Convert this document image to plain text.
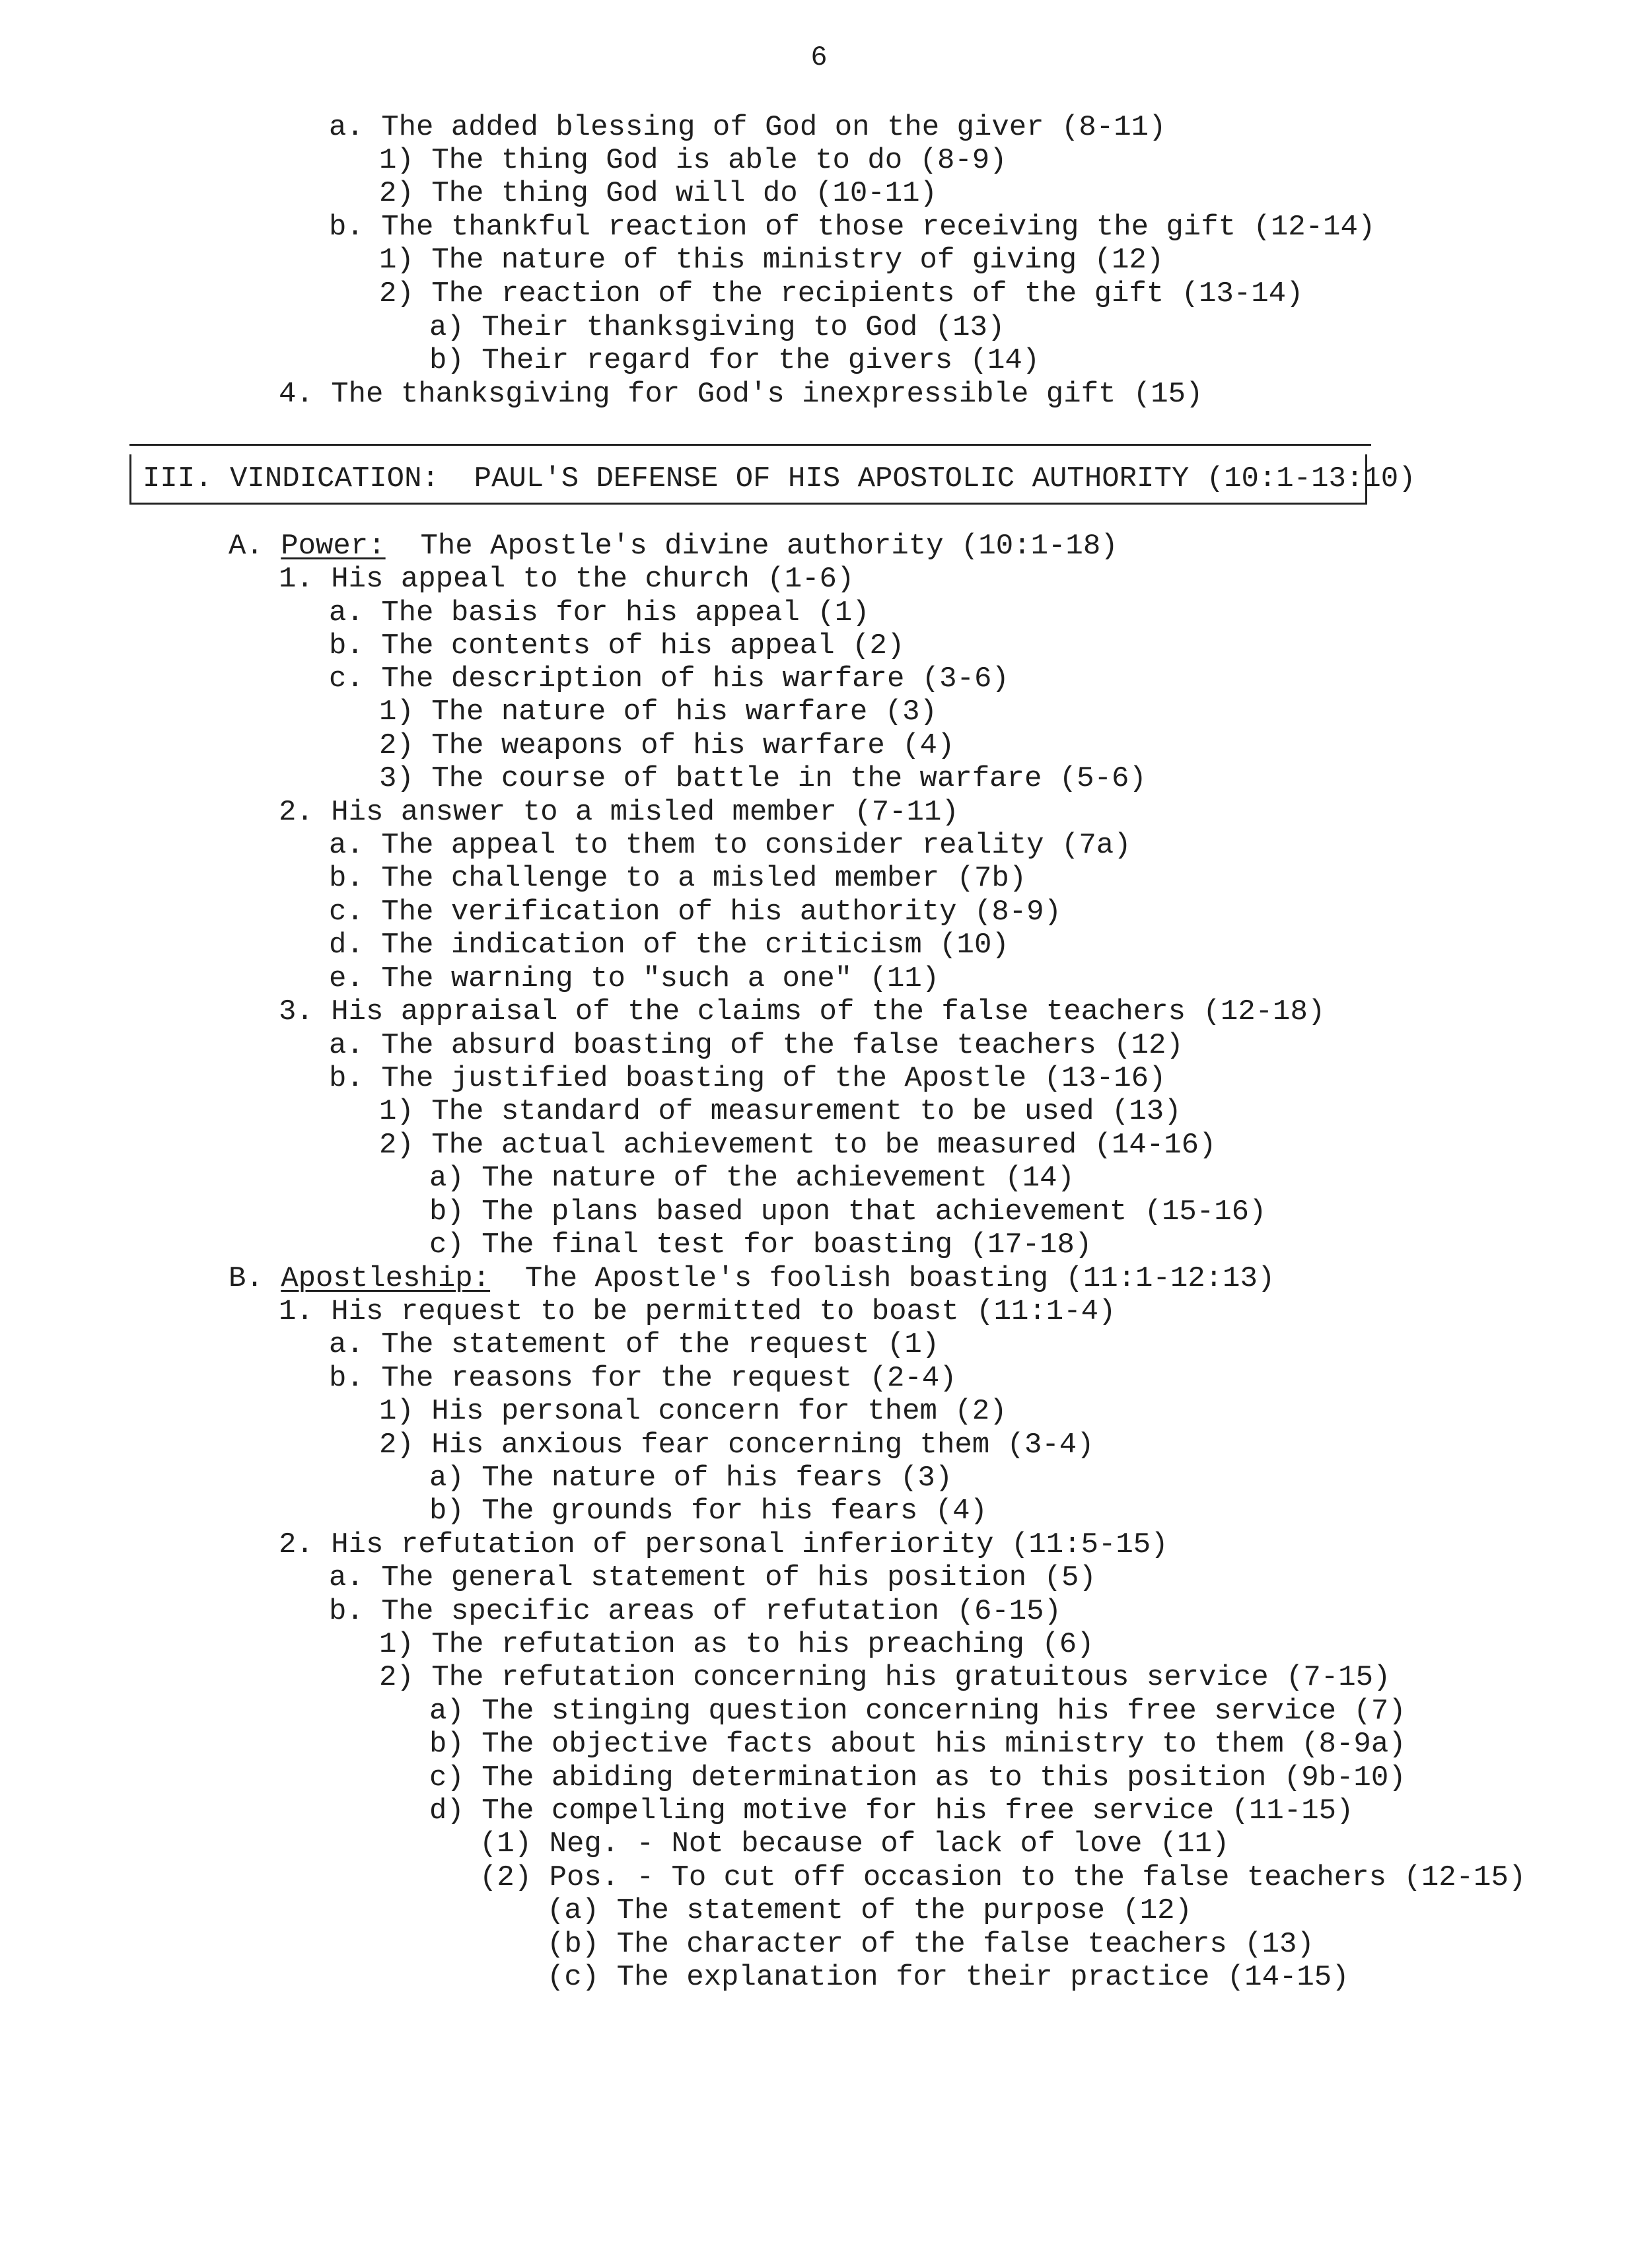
6
a. The added blessing of God on the giver (8-11)
1) The thing God is able to do (8-9)
2) The thing God will do (10-11)
b. The thankful reaction of those receiving the gift (12-14)
1) The nature of this ministry of giving (12)
2) The reaction of the recipients of the gift (13-14)
a) Their thanksgiving to God (13)
b) Their regard for the givers (14)
4. The thanksgiving for God's inexpressible gift (15)
III. VINDICATION:  PAUL'S DEFENSE OF HIS APOSTOLIC AUTHORITY (10:1-13:10)
A. Power:  The Apostle's divine authority (10:1-18)
1. His appeal to the church (1-6)
a. The basis for his appeal (1)
b. The contents of his appeal (2)
c. The description of his warfare (3-6)
1) The nature of his warfare (3)
2) The weapons of his warfare (4)
3) The course of battle in the warfare (5-6)
2. His answer to a misled member (7-11)
a. The appeal to them to consider reality (7a)
b. The challenge to a misled member (7b)
c. The verification of his authority (8-9)
d. The indication of the criticism (10)
e. The warning to "such a one" (11)
3. His appraisal of the claims of the false teachers (12-18)
a. The absurd boasting of the false teachers (12)
b. The justified boasting of the Apostle (13-16)
1) The standard of measurement to be used (13)
2) The actual achievement to be measured (14-16)
a) The nature of the achievement (14)
b) The plans based upon that achievement (15-16)
c) The final test for boasting (17-18)
B. Apostleship:  The Apostle's foolish boasting (11:1-12:13)
1. His request to be permitted to boast (11:1-4)
a. The statement of the request (1)
b. The reasons for the request (2-4)
1) His personal concern for them (2)
2) His anxious fear concerning them (3-4)
a) The nature of his fears (3)
b) The grounds for his fears (4)
2. His refutation of personal inferiority (11:5-15)
a. The general statement of his position (5)
b. The specific areas of refutation (6-15)
1) The refutation as to his preaching (6)
2) The refutation concerning his gratuitous service (7-15)
a) The stinging question concerning his free service (7)
b) The objective facts about his ministry to them (8-9a)
c) The abiding determination as to this position (9b-10)
d) The compelling motive for his free service (11-15)
(1) Neg. - Not because of lack of love (11)
(2) Pos. - To cut off occasion to the false teachers (12-15)
(a) The statement of the purpose (12)
(b) The character of the false teachers (13)
(c) The explanation for their practice (14-15)
